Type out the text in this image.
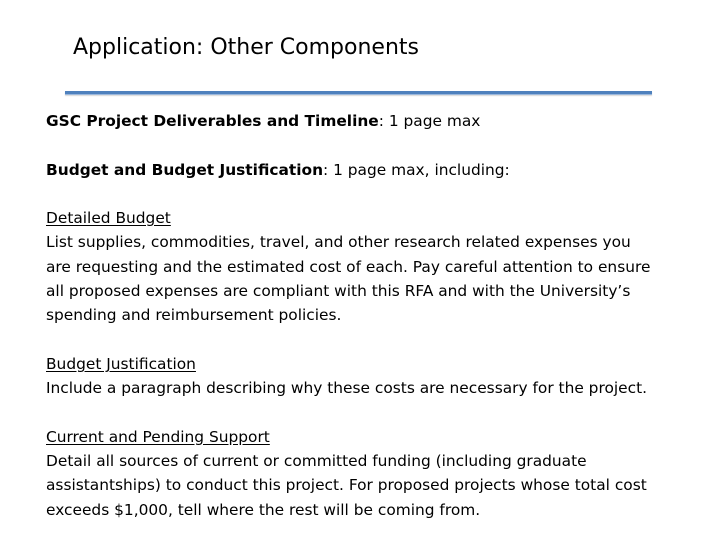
Application: Other Components

GSC Project Deliverables and Timeline: 1 page max

Budget and Budget Justification: 1 page max, including:

Detailed Budget
List supplies, commodities, travel, and other research related expenses you
are requesting and the estimated cost of each. Pay careful attention to ensure
all proposed expenses are compliant with this RFA and with the University’s
spending and reimbursement policies.
Budget Justification
Include a paragraph describing why these costs are necessary for the project.
Current and Pending Support
Detail all sources of current or committed funding (including graduate
assistantships) to conduct this project. For proposed projects whose total cost
exceeds $1,000, tell where the rest will be coming from.
